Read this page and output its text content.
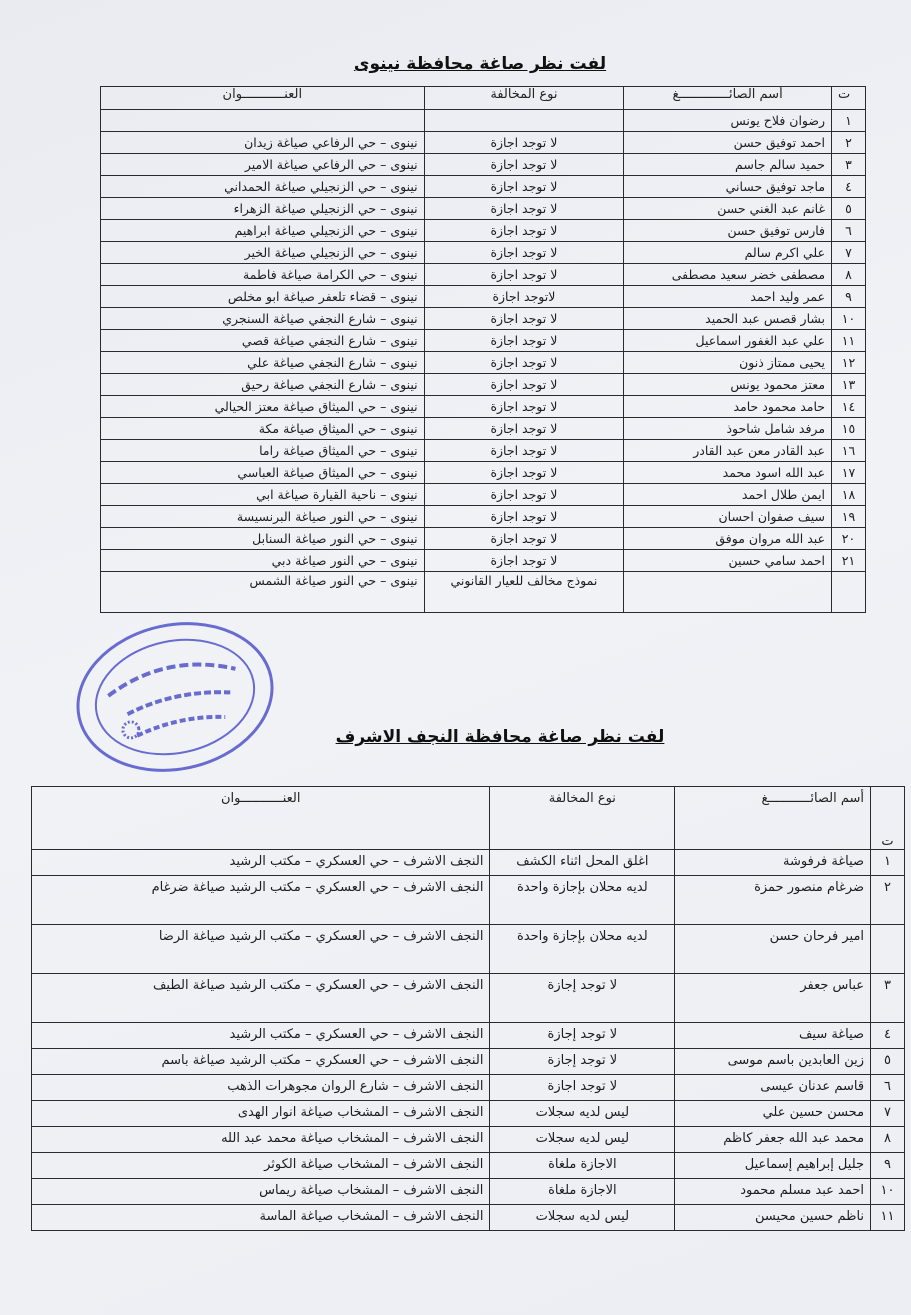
لفت نظر صاغة محافظة نينوى
ت	أسم الصائـــــــــــــغ	نوع المخالفة	العنـــــــــــوان
١	رضوان فلاح يونس		
٢	احمد توفيق حسن	لا توجد اجازة	نينوى – حي الرفاعي صياغة زيدان
٣	حميد سالم جاسم	لا توجد اجازة	نينوى – حي الرفاعي صياغة الامير
٤	ماجد توفيق حساني	لا توجد اجازة	نينوى – حي الزنجيلي صياغة الحمداني
٥	غانم عبد الغني حسن	لا توجد اجازة	نينوى – حي الزنجيلي صياغة الزهراء
٦	فارس توفيق حسن	لا توجد اجازة	نينوى – حي الزنجيلي صياغة ابراهيم
٧	علي اكرم سالم	لا توجد اجازة	نينوى – حي الزنجيلي صياغة الخير
٨	مصطفى خضر سعيد مصطفى	لا توجد اجازة	نينوى – حي الكرامة صياغة فاطمة
٩	عمر وليد احمد	لاتوجد اجازة	نينوى – قضاء تلعفر صياغة ابو مخلص
١٠	بشار قصس عبد الحميد	لا توجد اجازة	نينوى – شارع النجفي صياغة السنجري
١١	علي عبد الغفور اسماعيل	لا توجد اجازة	نينوى – شارع النجفي صياغة قصي
١٢	يحيى ممتاز ذنون	لا توجد اجازة	نينوى – شارع النجفي صياغة علي
١٣	معتز محمود يونس	لا توجد اجازة	نينوى – شارع النجفي صياغة رحيق
١٤	حامد محمود حامد	لا توجد اجازة	نينوى – حي الميثاق صياغة معتز الحيالي
١٥	مرفد شامل شاحوذ	لا توجد اجازة	نينوى – حي الميثاق صياغة مكة
١٦	عبد القادر معن عبد القادر	لا توجد اجازة	نينوى – حي الميثاق صياغة راما
١٧	عبد الله اسود محمد	لا توجد اجازة	نينوى – حي الميثاق صياغة العباسي
١٨	ايمن طلال احمد	لا توجد اجازة	نينوى – ناحية القيارة صياغة ابي
١٩	سيف صفوان احسان	لا توجد اجازة	نينوى – حي النور صياغة البرنسيسة
٢٠	عبد الله مروان موفق	لا توجد اجازة	نينوى – حي النور صياغة السنابل
٢١	احمد سامي حسين	لا توجد اجازة	نينوى – حي النور صياغة دبي
		نموذج مخالف للعيار القانوني	نينوى – حي النور صياغة الشمس
لفت نظر صاغة محافظة النجف الاشرف
ت	أسم الصائـــــــــــغ	نوع المخالفة	العنـــــــــــوان
١	صياغة فرفوشة	اغلق المحل اثناء الكشف	النجف الاشرف – حي العسكري – مكتب الرشيد
٢	ضرغام منصور حمزة	لديه محلان بإجازة واحدة	النجف الاشرف – حي العسكري – مكتب الرشيد صياغة ضرغام
	امير فرحان حسن	لديه محلان بإجازة واحدة	النجف الاشرف – حي العسكري – مكتب الرشيد صياغة الرضا
٣	عباس جعفر	لا توجد إجازة	النجف الاشرف – حي العسكري – مكتب الرشيد صياغة الطيف
٤	صياغة سيف	لا توجد إجازة	النجف الاشرف – حي العسكري – مكتب الرشيد
٥	زين العابدين باسم موسى	لا توجد إجازة	النجف الاشرف – حي العسكري – مكتب الرشيد صياغة باسم
٦	قاسم عدنان عيسى	لا توجد اجازة	النجف الاشرف – شارع الروان مجوهرات الذهب
٧	محسن حسين علي	ليس لديه سجلات	النجف الاشرف – المشخاب صياغة انوار الهدى
٨	محمد عبد الله جعفر كاظم	ليس لديه سجلات	النجف الاشرف – المشخاب صياغة محمد عبد الله
٩	جليل إبراهيم إسماعيل	الاجازة ملغاة	النجف الاشرف – المشخاب صياغة الكوثر
١٠	احمد عبد مسلم محمود	الاجازة ملغاة	النجف الاشرف – المشخاب صياغة ريماس
١١	ناظم حسين محيسن	ليس لديه سجلات	النجف الاشرف – المشخاب صياغة الماسة
